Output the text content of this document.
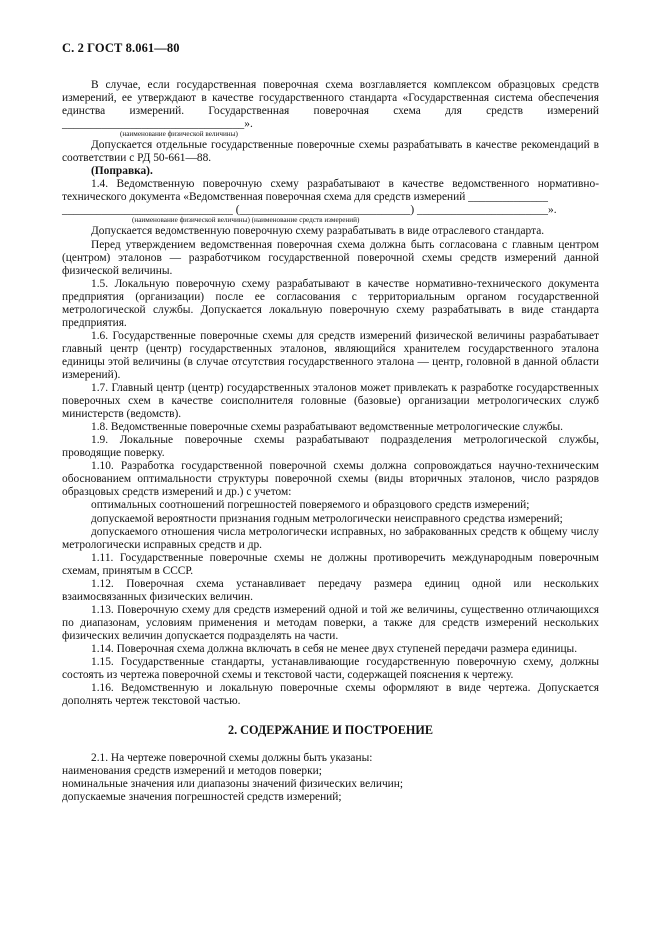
С. 2 ГОСТ 8.061—80

В случае, если государственная поверочная схема возглавляется комплексом образцовых средств измерений, ее утверждают в качестве государственного стандарта «Государственная система обеспечения единства измерений. Государственная поверочная схема для средств измерений ________________________________».

(наименование физической величины)

Допускается отдельные государственные поверочные схемы разрабатывать в качестве рекомендаций в соответствии с РД 50-661—88.

(Поправка).

1.4. Ведомственную поверочную схему разрабатывают в качестве ведомственного нормативно-технического документа «Ведомственная поверочная схема для средств измерений ______________

______________________________ (______________________________) _______________________».

(наименование физической величины) (наименование средств измерений)

Допускается ведомственную поверочную схему разрабатывать в виде отраслевого стандарта.

Перед утверждением ведомственная поверочная схема должна быть согласована с главным центром (центром) эталонов — разработчиком государственной поверочной схемы средств измерений данной физической величины.

1.5. Локальную поверочную схему разрабатывают в качестве нормативно-технического документа предприятия (организации) после ее согласования с территориальным органом государственной метрологической службы. Допускается локальную поверочную схему разрабатывать в виде стандарта предприятия.

1.6. Государственные поверочные схемы для средств измерений физической величины разрабатывает главный центр (центр) государственных эталонов, являющийся хранителем государственного эталона единицы этой величины (в случае отсутствия государственного эталона — центр, головной в данной области измерений).

1.7. Главный центр (центр) государственных эталонов может привлекать к разработке государственных поверочных схем в качестве соисполнителя головные (базовые) организации метрологических служб министерств (ведомств).

1.8. Ведомственные поверочные схемы разрабатывают ведомственные метрологические службы.

1.9. Локальные поверочные схемы разрабатывают подразделения метрологической службы, проводящие поверку.

1.10. Разработка государственной поверочной схемы должна сопровождаться научно-техническим обоснованием оптимальности структуры поверочной схемы (виды вторичных эталонов, число разрядов образцовых средств измерений и др.) с учетом:

оптимальных соотношений погрешностей поверяемого и образцового средств измерений;

допускаемой вероятности признания годным метрологически неисправного средства измерений;

допускаемого отношения числа метрологически исправных, но забракованных средств к общему числу метрологически исправных средств и др.

1.11. Государственные поверочные схемы не должны противоречить международным поверочным схемам, принятым в СССР.

1.12. Поверочная схема устанавливает передачу размера единиц одной или нескольких взаимосвязанных физических величин.

1.13. Поверочную схему для средств измерений одной и той же величины, существенно отличающихся по диапазонам, условиям применения и методам поверки, а также для средств измерений нескольких физических величин допускается подразделять на части.

1.14. Поверочная схема должна включать в себя не менее двух ступеней передачи размера единицы.

1.15. Государственные стандарты, устанавливающие государственную поверочную схему, должны состоять из чертежа поверочной схемы и текстовой части, содержащей пояснения к чертежу.

1.16. Ведомственную и локальную поверочные схемы оформляют в виде чертежа. Допускается дополнять чертеж текстовой частью.

2. СОДЕРЖАНИЕ И ПОСТРОЕНИЕ

2.1. На чертеже поверочной схемы должны быть указаны:

наименования средств измерений и методов поверки;

номинальные значения или диапазоны значений физических величин;

допускаемые значения погрешностей средств измерений;
